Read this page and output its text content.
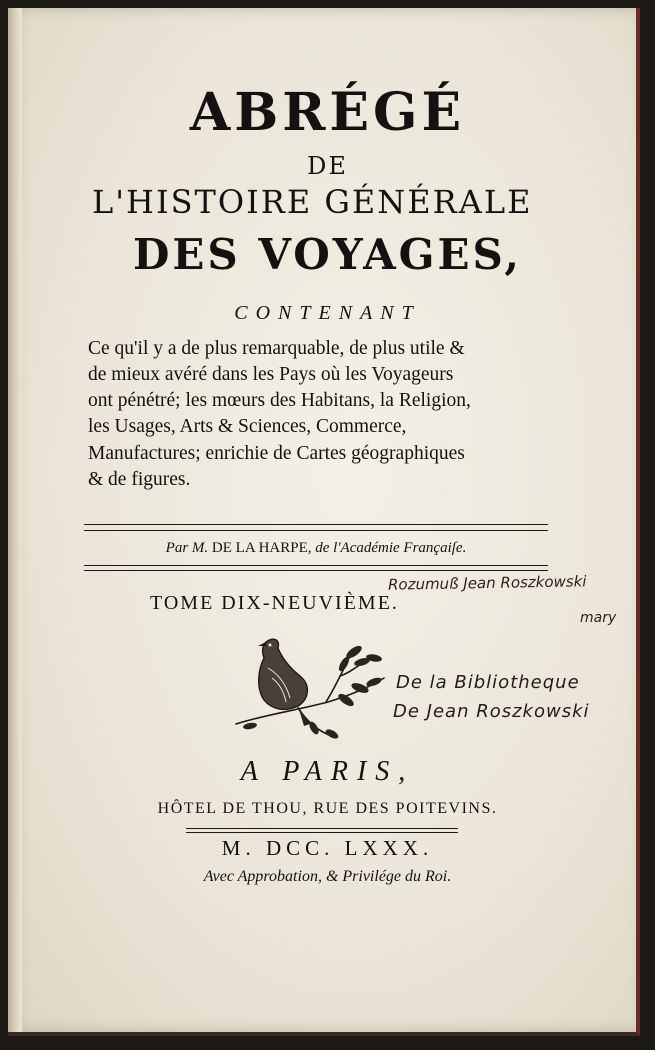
ABRÉGÉ
DE
L'HISTOIRE GÉNÉRALE
DES VOYAGES,
CONTENANT
Ce qu'il y a de plus remarquable, de plus utile &
de mieux avéré dans les Pays où les Voyageurs
ont pénétré; les mœurs des Habitans, la Religion,
les Usages, Arts & Sciences, Commerce,
Manufactures; enrichie de Cartes géographiques
& de figures.
Par M. DE LA HARPE, de l'Académie Françaiſe.
TOME DIX-NEUVIÈME.
Rozumuß Jean Roszkowski
mary
De la Bibliotheque
De Jean Roszkowski
A PARIS,
HÔTEL DE THOU, RUE DES POITEVINS.
M. DCC. LXXX.
Avec Approbation, & Privilége du Roi.
